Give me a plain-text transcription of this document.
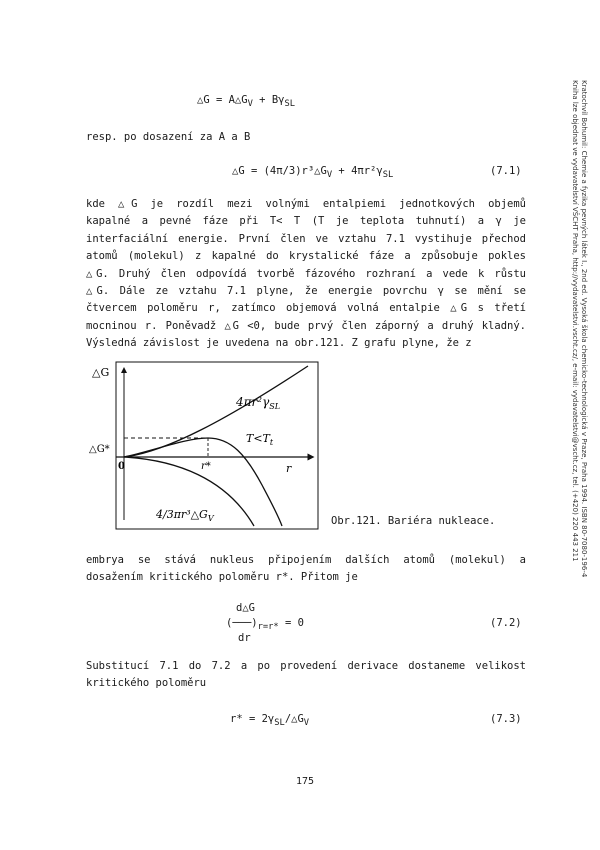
Kratochvíl Bohumil: Chemie a fyzika pevných látek I., 2nd ed. Vysoká škola chemicko-technologická v Praze, Praha 1994. ISBN 80-7080-196-4
Kniha lze objednat ve vydavatelství VŠCHT Praha, http://vydavatelstvi.vscht.cz/, e-mail: vydavatelstvi@vscht.cz, tel. (+420) 220 443 211
△G = $A\triangle G_V + B\gamma_{SL}$
resp. po dosazení za A a B
△G = $(4\pi/3)r^3\triangle G_V + 4\pi r^2\gamma_{SL}$	(7.1)
kde △G je rozdíl mezi volnými entalpiemi jednotkových objemů
kapalné a pevné fáze při T< T (T je teplota tuhnutí) a γ je
interfaciální energie. První člen ve vztahu 7.1 vystihuje přechod
atomů (molekul) z kapalné do krystalické fáze a způsobuje pokles
△G. Druhý člen odpovídá tvorbě fázového rozhraní a vede k růstu
△G. Dále ze vztahu 7.1 plyne, že energie povrchu γ se mění se
čtvercem poloměru r, zatímco objemová volná entalpie △G s třetí
mocninou r. Poněvadž △G <0, bude prvý člen záporný a druhý kladný.
Výsledná závislost je uvedena na obr.121. Z grafu plyne, že z
△G
r
△G*
0	r*
$T<T_t$
$4\pi r^2\gamma_{SL}$
$4/3\pi r^3\triangle G_V$	Obr.121. Bariéra nukleace.
embrya se stává nukleus připojením dalších atomů (molekul) a
dosažením kritického poloměru r*. Přitom je
d△G
$(───)_{r=r*} = 0$
dr
(7.2)
Substitucí 7.1 do 7.2 a po provedení derivace dostaneme velikost
kritického poloměru
$r* = 2\gamma_{SL}/\triangle G_V$	(7.3)
175
